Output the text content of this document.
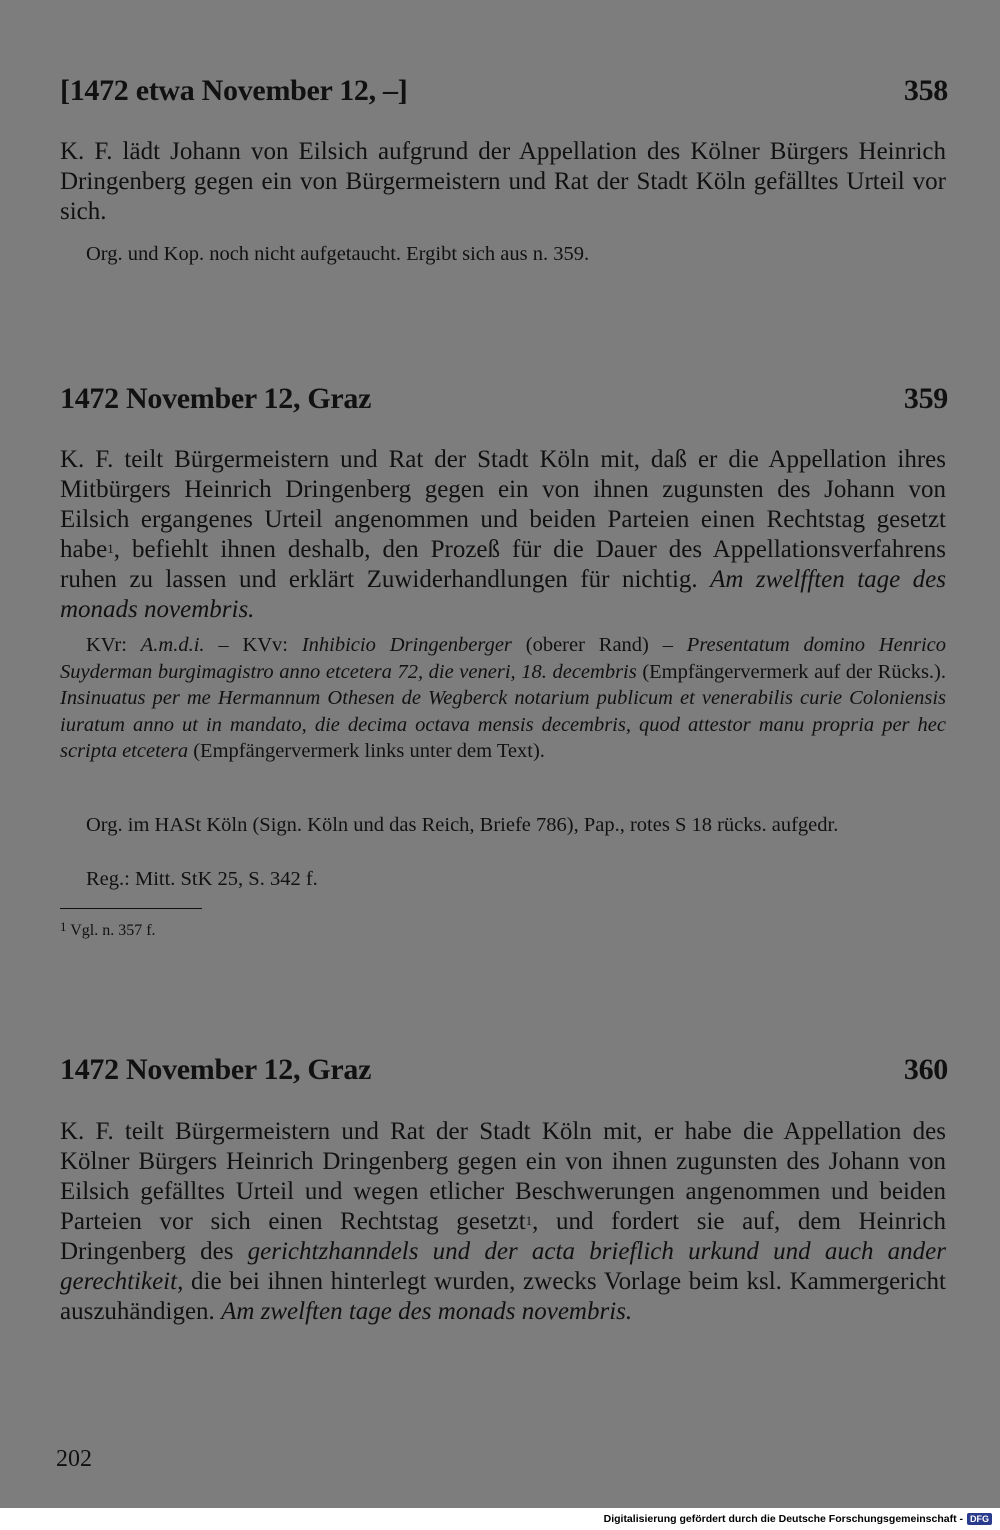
[1472 etwa November 12, –]	358
K. F. lädt Johann von Eilsich aufgrund der Appellation des Kölner Bürgers Heinrich Dringenberg gegen ein von Bürgermeistern und Rat der Stadt Köln gefälltes Urteil vor sich.
Org. und Kop. noch nicht aufgetaucht. Ergibt sich aus n. 359.
1472 November 12, Graz	359
K. F. teilt Bürgermeistern und Rat der Stadt Köln mit, daß er die Appellation ihres Mitbürgers Heinrich Dringenberg gegen ein von ihnen zugunsten des Johann von Eilsich ergangenes Urteil angenommen und beiden Parteien einen Rechtstag gesetzt habe$^1$, befiehlt ihnen deshalb, den Prozeß für die Dauer des Appellationsverfahrens ruhen zu lassen und erklärt Zuwiderhandlungen für nichtig. Am zwelfften tage des monads novembris.
KVr: A.m.d.i. – KVv: Inhibicio Dringenberger (oberer Rand) – Presentatum domino Henrico Suyderman burgimagistro anno etcetera 72, die veneri, 18. decembris (Empfängervermerk auf der Rücks.). Insinuatus per me Hermannum Othesen de Wegberck notarium publicum et venerabilis curie Coloniensis iuratum anno ut in mandato, die decima octava mensis decembris, quod attestor manu propria per hec scripta etcetera (Empfängervermerk links unter dem Text).
Org. im HASt Köln (Sign. Köln und das Reich, Briefe 786), Pap., rotes S 18 rücks. aufgedr.
Reg.: Mitt. StK 25, S. 342 f.
$^1$ Vgl. n. 357 f.
1472 November 12, Graz	360
K. F. teilt Bürgermeistern und Rat der Stadt Köln mit, er habe die Appellation des Kölner Bürgers Heinrich Dringenberg gegen ein von ihnen zugunsten des Johann von Eilsich gefälltes Urteil und wegen etlicher Beschwerungen angenommen und beiden Parteien vor sich einen Rechtstag gesetzt$^1$, und fordert sie auf, dem Heinrich Dringenberg des gerichtzhanndels und der acta brieflich urkund und auch ander gerechtikeit, die bei ihnen hinterlegt wurden, zwecks Vorlage beim ksl. Kammergericht auszuhändigen. Am zwelften tage des monads novembris.
202
Digitalisierung gefördert durch die Deutsche Forschungsgemeinschaft - DFG
